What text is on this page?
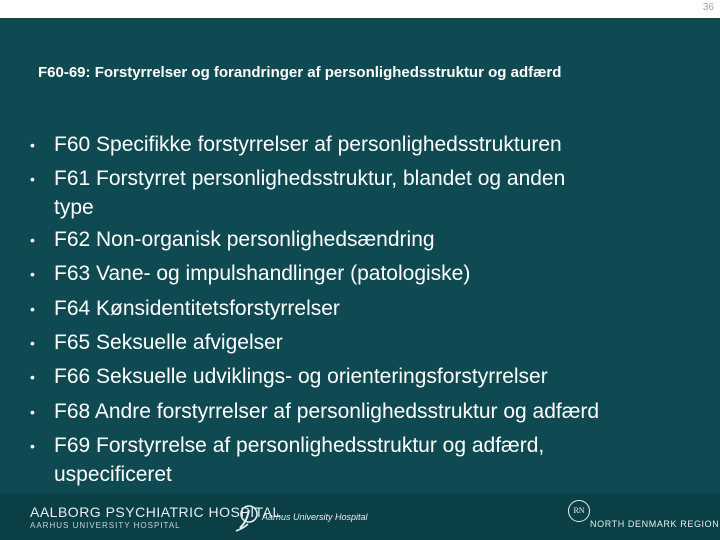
36
F60-69: Forstyrrelser og forandringer af personlighedsstruktur og adfærd
• F60 Specifikke forstyrrelser af personlighedsstrukturen
• F61 Forstyrret personlighedsstruktur, blandet og anden
type
• F62 Non-organisk personlighedsændring
• F63 Vane- og impulshandlinger (patologiske)
• F64 Kønsidentitetsforstyrrelser
• F65 Seksuelle afvigelser
• F66 Seksuelle udviklings- og orienteringsforstyrrelser
• F68 Andre forstyrrelser af personlighedsstruktur og adfærd
• F69 Forstyrrelse af personlighedsstruktur og adfærd,
uspecificeret
AALBORG PSYCHIATRIC HOSPITAL
AARHUS UNIVERSITY HOSPITAL
Aarhus University Hospital
RN
NORTH DENMARK REGION
